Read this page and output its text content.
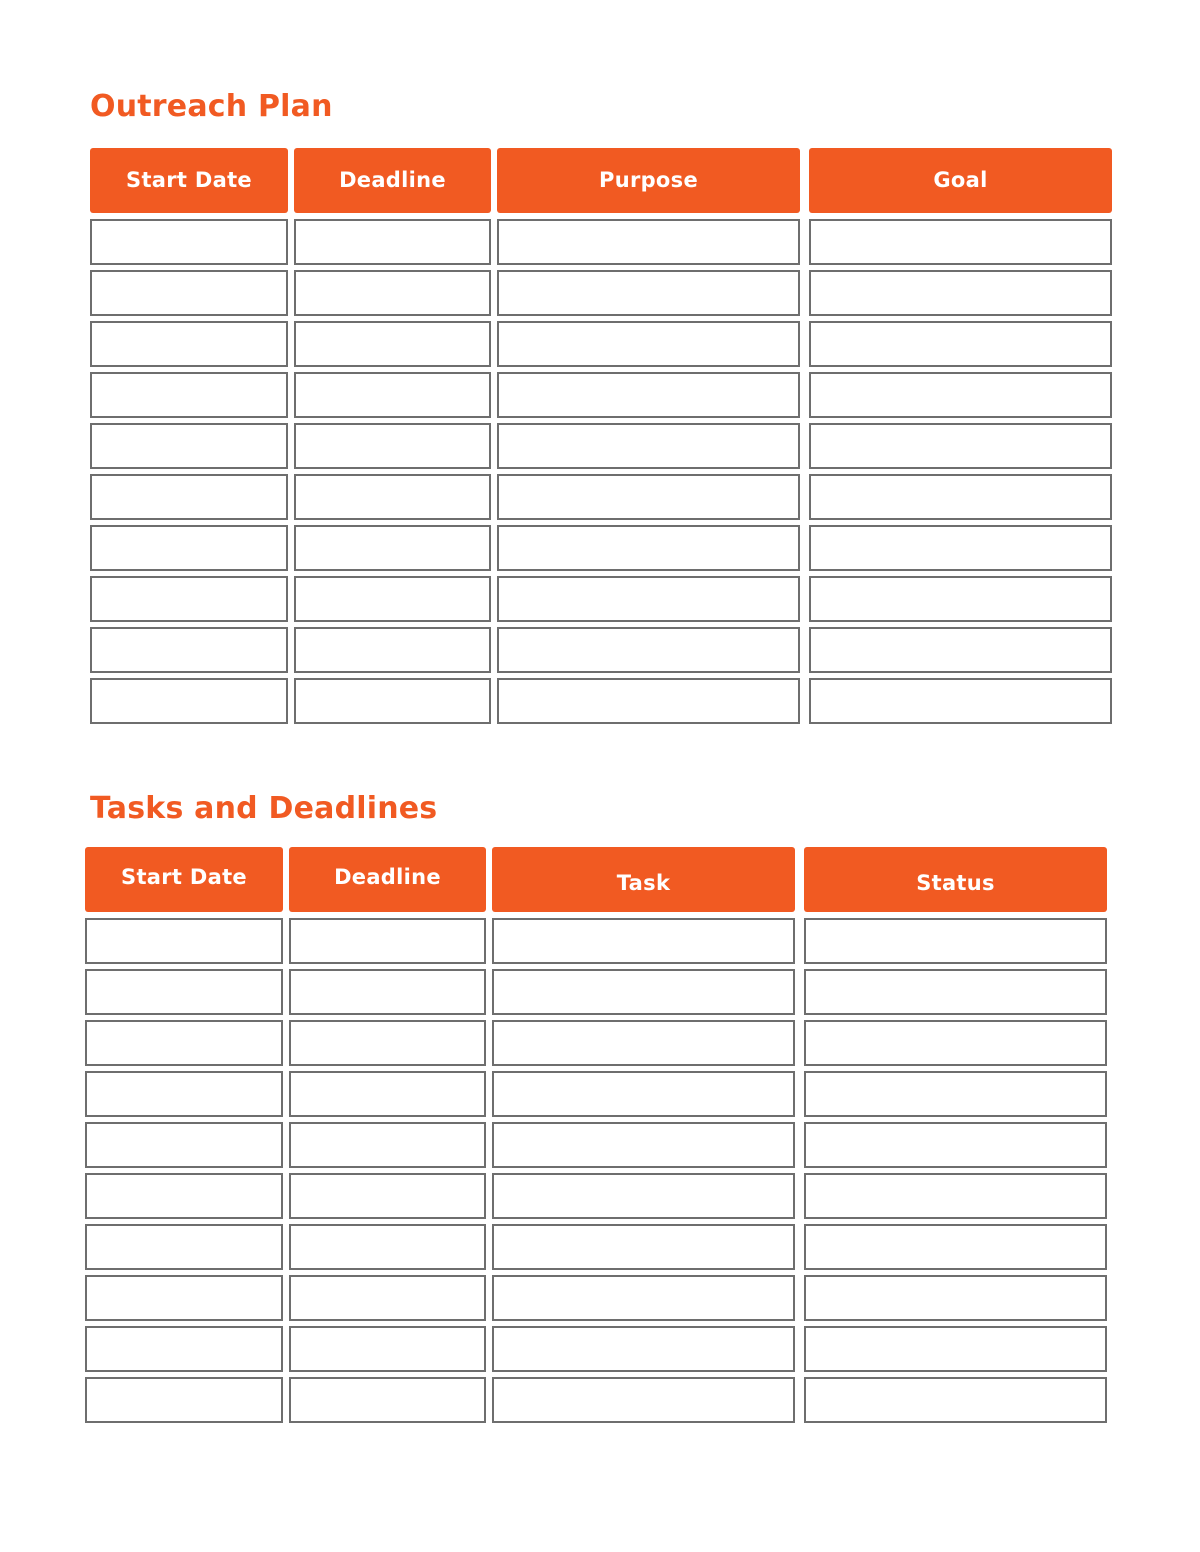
Outreach Plan
Start Date	Deadline	Purpose	Goal
Tasks and Deadlines
Start Date	Deadline	Task	Status
